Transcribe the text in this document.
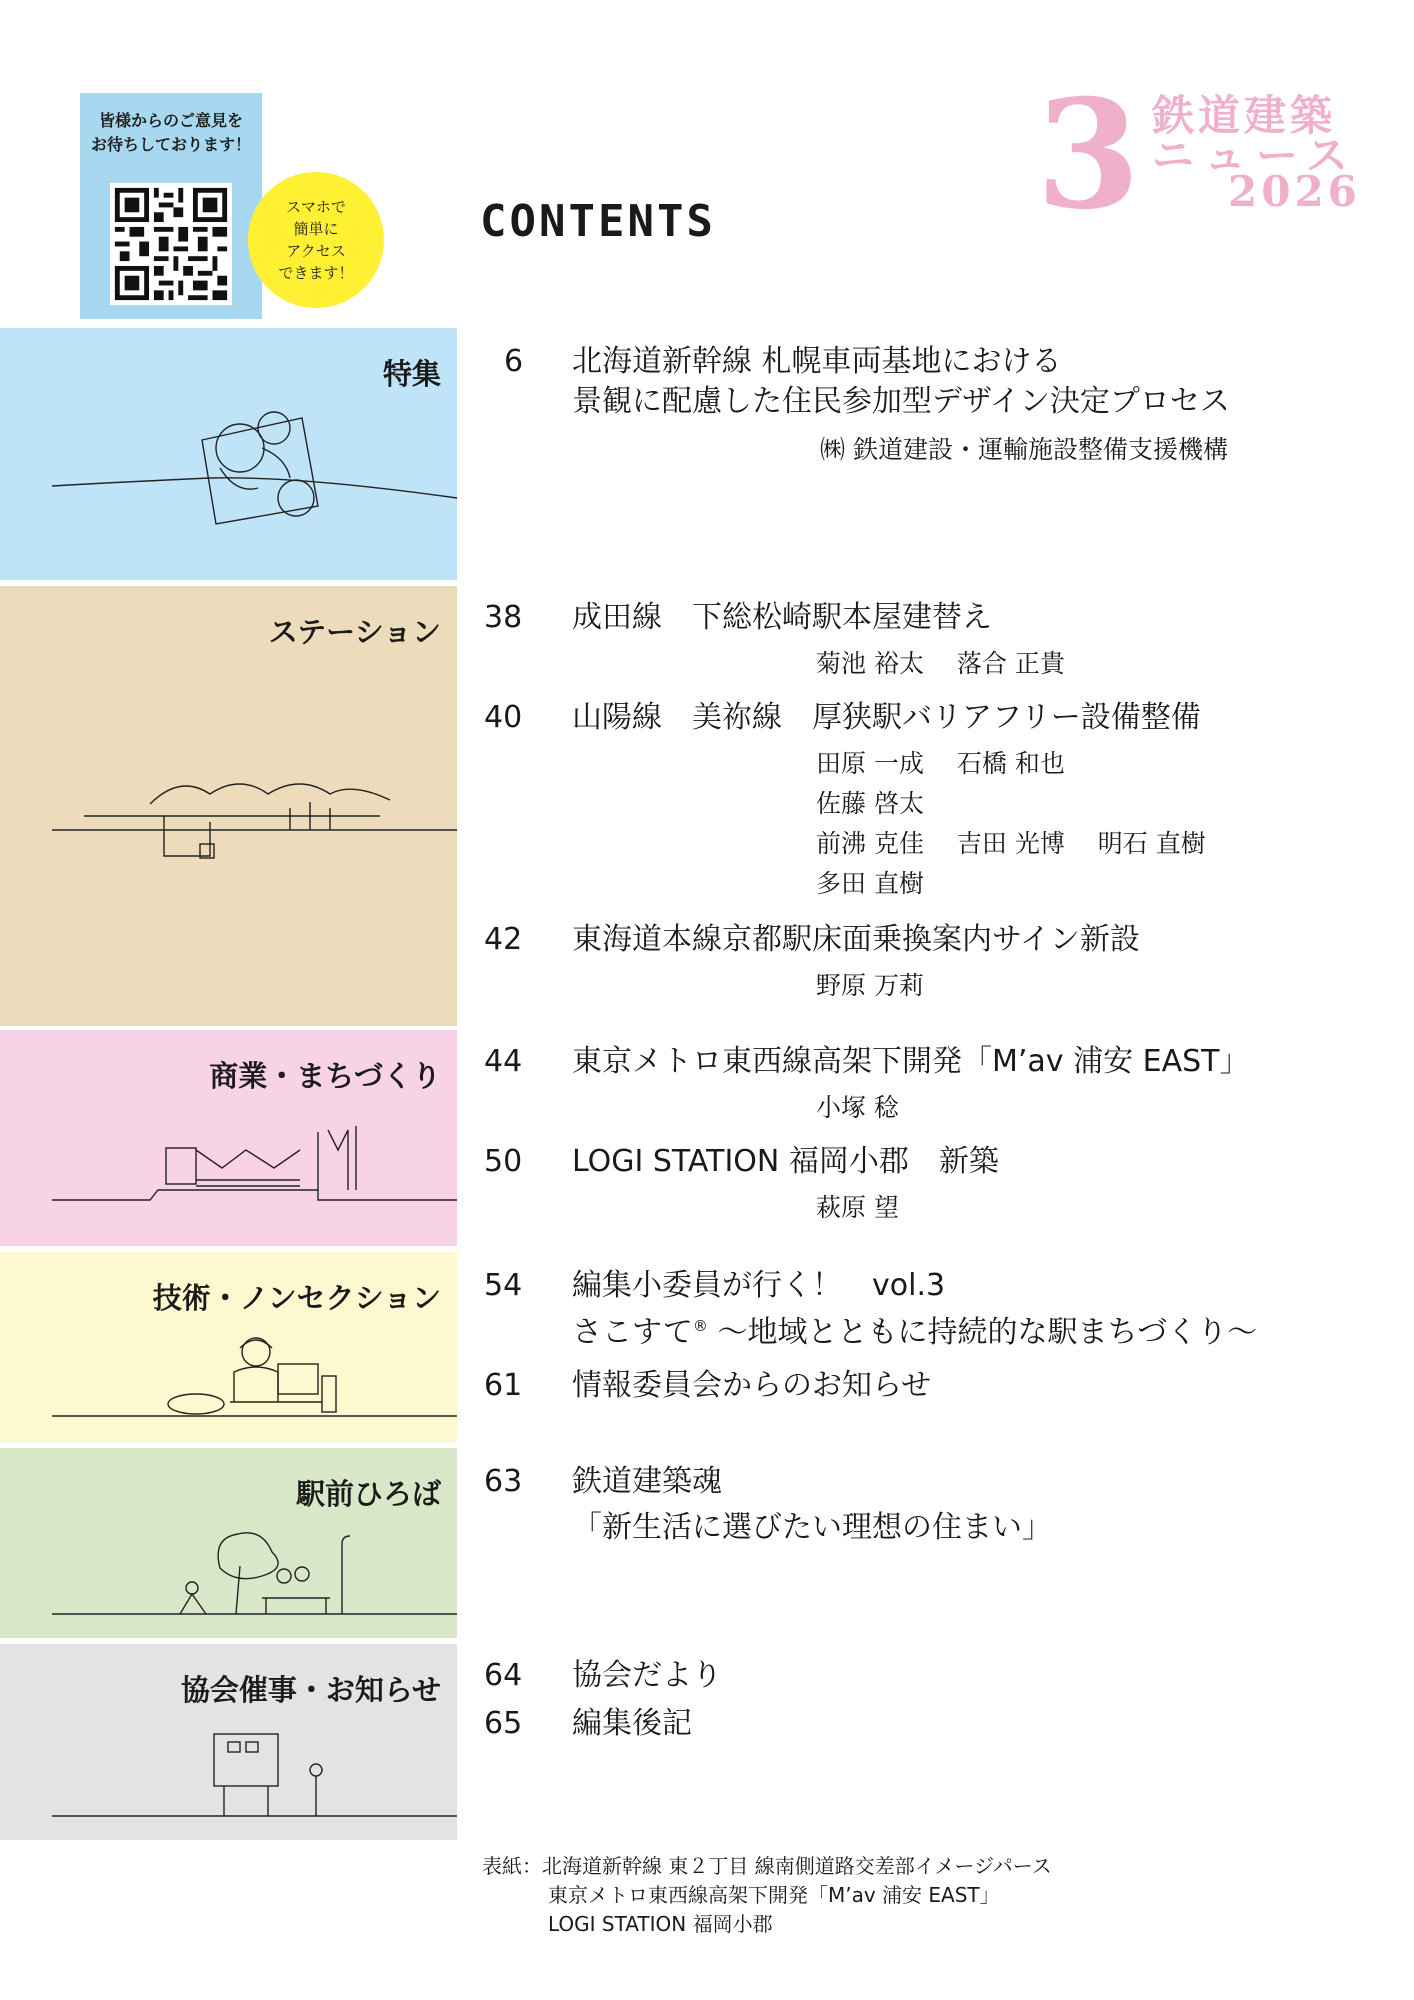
皆様からのご意見を
お待ちしております！
スマホで
簡単に
アクセス
できます！
CONTENTS 3 鉄道建築
ニュース
2026
特集
ステーション
商業・まちづくり
技術・ノンセクション
駅前ひろば
協会催事・お知らせ
6	北海道新幹線 札幌車両基地における
景観に配慮した住民参加型デザイン決定プロセス
㈱ 鉄道建設・運輸施設整備支援機構
38	成田線　下総松崎駅本屋建替え
菊池 裕太　 落合 正貴
40	山陽線　美祢線　厚狭駅バリアフリー設備整備
田原 一成　 石橋 和也
佐藤 啓太
前沸 克佳　 吉田 光博　 明石 直樹
多田 直樹
42	東海道本線京都駅床面乗換案内サイン新設
野原 万莉
44	東京メトロ東西線高架下開発「M’av 浦安 EAST」
小塚 稔
50	LOGI STATION 福岡小郡　新築
萩原 望
54	編集小委員が行く！　vol.3
さこすて® ～地域とともに持続的な駅まちづくり～
61	情報委員会からのお知らせ
63	鉄道建築魂
「新生活に選びたい理想の住まい」
64	協会だより
65	編集後記
表紙：北海道新幹線 東２丁目 線南側道路交差部イメージパース
東京メトロ東西線高架下開発「M’av 浦安 EAST」
LOGI STATION 福岡小郡
